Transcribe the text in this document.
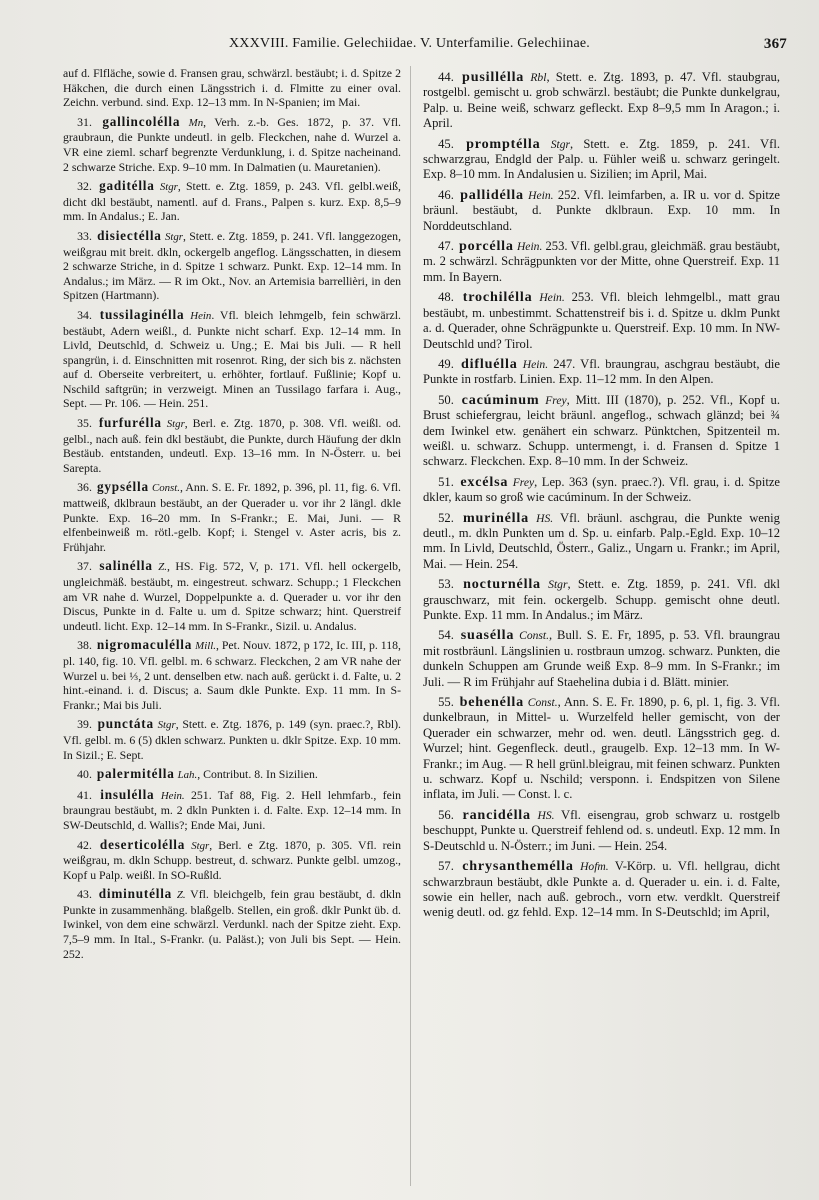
XXXVIII. Familie. Gelechiidae. V. Unterfamilie. Gelechiinae.	367

auf d. Flfläche, sowie d. Fransen grau, schwärzl. bestäubt; i. d. Spitze 2 Häkchen, die durch einen Längsstrich i. d. Flmitte zu einer oval. Zeichn. verbund. sind. Exp. 12–13 mm. In N-Spanien; im Mai.

31. gallincolélla Mn, Verh. z.-b. Ges. 1872, p. 37. Vfl. graubraun, die Punkte undeutl. in gelb. Fleckchen, nahe d. Wurzel a. VR eine zieml. scharf begrenzte Verdunklung, i. d. Spitze nacheinand. 2 schwarze Striche. Exp. 9–10 mm. In Dalmatien (u. Mauretanien).

32. gaditélla Stgr, Stett. e. Ztg. 1859, p. 243. Vfl. gelbl.weiß, dicht dkl bestäubt, namentl. auf d. Frans., Palpen s. kurz. Exp. 8,5–9 mm. In Andalus.; E. Jan.

33. disiectélla Stgr, Stett. e. Ztg. 1859, p. 241. Vfl. langgezogen, weißgrau mit breit. dkln, ockergelb angeflog. Längsschatten, in diesem 2 schwarze Striche, in d. Spitze 1 schwarz. Punkt. Exp. 12–14 mm. In Andalus.; im März. — R im Okt., Nov. an Artemisia barrellièri, in den Spitzen (Hartmann).

34. tussilaginélla Hein. Vfl. bleich lehmgelb, fein schwärzl. bestäubt, Adern weißl., d. Punkte nicht scharf. Exp. 12–14 mm. In Livld, Deutschld, d. Schweiz u. Ung.; E. Mai bis Juli. — R hell spangrün, i. d. Einschnitten mit rosenrot. Ring, der sich bis z. nächsten auf d. Oberseite verbreitert, u. erhöhter, fortlauf. Fußlinie; Kopf u. Nschild saftgrün; in verzweigt. Minen an Tussilago farfara i. Aug., Sept. — Pr. 106. — Hein. 251.

35. furfurélla Stgr, Berl. e. Ztg. 1870, p. 308. Vfl. weißl. od. gelbl., nach auß. fein dkl bestäubt, die Punkte, durch Häufung der dkln Bestäub. entstanden, undeutl. Exp. 13–16 mm. In N-Österr. u. bei Sarepta.

36. gypsélla Const., Ann. S. E. Fr. 1892, p. 396, pl. 11, fig. 6. Vfl. mattweiß, dklbraun bestäubt, an der Querader u. vor ihr 2 längl. dkle Punkte. Exp. 16–20 mm. In S-Frankr.; E. Mai, Juni. — R elfenbeinweiß m. rötl.-gelb. Kopf; i. Stengel v. Aster acris, bis z. Frühjahr.

37. salinélla Z., HS. Fig. 572, V, p. 171. Vfl. hell ockergelb, ungleichmäß. bestäubt, m. eingestreut. schwarz. Schupp.; 1 Fleckchen am VR nahe d. Wurzel, Doppelpunkte a. d. Querader u. vor ihr den Discus, Punkte in d. Falte u. um d. Spitze schwarz; hint. Querstreif undeutl. licht. Exp. 12–14 mm. In S-Frankr., Sizil. u. Andalus.

38. nigromaculélla Mill., Pet. Nouv. 1872, p 172, Ic. III, p. 118, pl. 140, fig. 10. Vfl. gelbl. m. 6 schwarz. Fleckchen, 2 am VR nahe der Wurzel u. bei ⅓, 2 unt. denselben etw. nach auß. gerückt i. d. Falte, u. 2 hint.-einand. i. d. Discus; a. Saum dkle Punkte. Exp. 11 mm. In S-Frankr.; Mai bis Juli.

39. punctáta Stgr, Stett. e. Ztg. 1876, p. 149 (syn. praec.?, Rbl). Vfl. gelbl. m. 6 (5) dklen schwarz. Punkten u. dklr Spitze. Exp. 10 mm. In Sizil.; E. Sept.

40. palermitélla Lah., Contribut. 8. In Sizilien.

41. insulélla Hein. 251. Taf 88, Fig. 2. Hell lehmfarb., fein braungrau bestäubt, m. 2 dkln Punkten i. d. Falte. Exp. 12–14 mm. In SW-Deutschld, d. Wallis?; Ende Mai, Juni.

42. deserticolélla Stgr, Berl. e Ztg. 1870, p. 305. Vfl. rein weißgrau, m. dkln Schupp. bestreut, d. schwarz. Punkte gelbl. umzog., Kopf u Palp. weißl. In SO-Rußld.

43. diminutélla Z. Vfl. bleichgelb, fein grau bestäubt, d. dkln Punkte in zusammenhäng. blaßgelb. Stellen, ein groß. dklr Punkt üb. d. Iwinkel, von dem eine schwärzl. Verdunkl. nach der Spitze zieht. Exp. 7,5–9 mm. In Ital., S-Frankr. (u. Paläst.); von Juli bis Sept. — Hein. 252.

44. pusillélla Rbl, Stett. e. Ztg. 1893, p. 47. Vfl. staubgrau, rostgelbl. gemischt u. grob schwärzl. bestäubt; die Punkte dunkelgrau, Palp. u. Beine weiß, schwarz gefleckt. Exp 8–9,5 mm In Aragon.; i. April.

45. promptélla Stgr, Stett. e. Ztg. 1859, p. 241. Vfl. schwarzgrau, Endgld der Palp. u. Fühler weiß u. schwarz geringelt. Exp. 8–10 mm. In Andalusien u. Sizilien; im April, Mai.

46. pallidélla Hein. 252. Vfl. leimfarben, a. IR u. vor d. Spitze bräunl. bestäubt, d. Punkte dklbraun. Exp. 10 mm. In Norddeutschland.

47. porcélla Hein. 253. Vfl. gelbl.grau, gleichmäß. grau bestäubt, m. 2 schwärzl. Schrägpunkten vor der Mitte, ohne Querstreif. Exp. 11 mm. In Bayern.

48. trochilélla Hein. 253. Vfl. bleich lehmgelbl., matt grau bestäubt, m. unbestimmt. Schattenstreif bis i. d. Spitze u. dklm Punkt a. d. Querader, ohne Schrägpunkte u. Querstreif. Exp. 10 mm. In NW-Deutschld und? Tirol.

49. difluélla Hein. 247. Vfl. braungrau, aschgrau bestäubt, die Punkte in rostfarb. Linien. Exp. 11–12 mm. In den Alpen.

50. cacúminum Frey, Mitt. III (1870), p. 252. Vfl., Kopf u. Brust schiefergrau, leicht bräunl. angeflog., schwach glänzd; bei ¾ dem Iwinkel etw. genähert ein schwarz. Pünktchen, Spitzenteil m. weißl. u. schwarz. Schupp. untermengt, i. d. Fransen d. Spitze 1 schwarz. Fleckchen. Exp. 8–10 mm. In der Schweiz.

51. excélsa Frey, Lep. 363 (syn. praec.?). Vfl. grau, i. d. Spitze dkler, kaum so groß wie cacúminum. In der Schweiz.

52. murinélla HS. Vfl. bräunl. aschgrau, die Punkte wenig deutl., m. dkln Punkten um d. Sp. u. einfarb. Palp.-Egld. Exp. 10–12 mm. In Livld, Deutschld, Österr., Galiz., Ungarn u. Frankr.; im April, Mai. — Hein. 254.

53. nocturnélla Stgr, Stett. e. Ztg. 1859, p. 241. Vfl. dkl grauschwarz, mit fein. ockergelb. Schupp. gemischt ohne deutl. Punkte. Exp. 11 mm. In Andalus.; im März.

54. suasélla Const., Bull. S. E. Fr, 1895, p. 53. Vfl. braungrau mit rostbräunl. Längslinien u. rostbraun umzog. schwarz. Punkten, die dunkeln Schuppen am Grunde weiß Exp. 8–9 mm. In S-Frankr.; im Juli. — R im Frühjahr auf Staehelina dubia i d. Blätt. minier.

55. behenélla Const., Ann. S. E. Fr. 1890, p. 6, pl. 1, fig. 3. Vfl. dunkelbraun, in Mittel- u. Wurzelfeld heller gemischt, von der Querader ein schwarzer, mehr od. wen. deutl. Längsstrich geg. d. Wurzel; hint. Gegenfleck. deutl., graugelb. Exp. 12–13 mm. In W-Frankr.; im Aug. — R hell grünl.bleigrau, mit feinen schwarz. Punkten u. schwarz. Kopf u. Nschild; versponn. i. Endspitzen von Silene inflata, im Juli. — Const. l. c.

56. rancidélla HS. Vfl. eisengrau, grob schwarz u. rostgelb beschuppt, Punkte u. Querstreif fehlend od. s. undeutl. Exp. 12 mm. In S-Deutschld u. N-Österr.; im Juni. — Hein. 254.

57. chrysanthemélla Hofm. V-Körp. u. Vfl. hellgrau, dicht schwarzbraun bestäubt, dkle Punkte a. d. Querader u. ein. i. d. Falte, sowie ein heller, nach auß. gebroch., vorn etw. verdklt. Querstreif wenig deutl. od. gz fehld. Exp. 12–14 mm. In S-Deutschld; im April,
